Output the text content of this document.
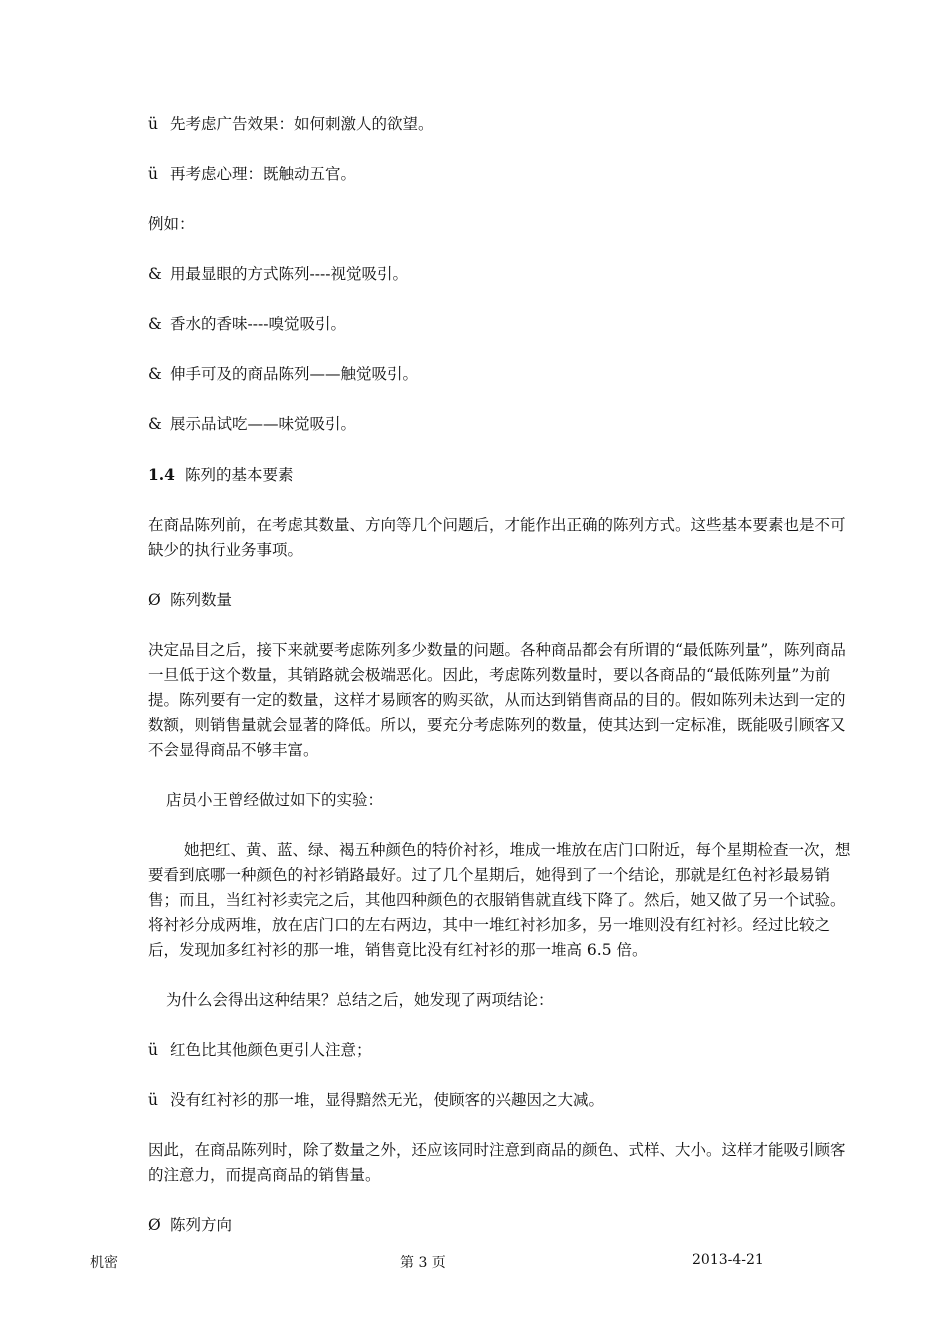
ü 先考虑广告效果：如何刺激人的欲望。

ü 再考虑心理：既触动五官。

例如：

& 用最显眼的方式陈列----视觉吸引。

& 香水的香味----嗅觉吸引。

& 伸手可及的商品陈列——触觉吸引。

& 展示品试吃——味觉吸引。

1.4 陈列的基本要素

在商品陈列前，在考虑其数量、方向等几个问题后，才能作出正确的陈列方式。这些基本要素也是不可缺少的执行业务事项。

Ø 陈列数量

决定品目之后，接下来就要考虑陈列多少数量的问题。各种商品都会有所谓的“最低陈列量”，陈列商品一旦低于这个数量，其销路就会极端恶化。因此，考虑陈列数量时，要以各商品的“最低陈列量”为前提。陈列要有一定的数量，这样才易顾客的购买欲，从而达到销售商品的目的。假如陈列未达到一定的数额，则销售量就会显著的降低。所以，要充分考虑陈列的数量，使其达到一定标准，既能吸引顾客又不会显得商品不够丰富。

店员小王曾经做过如下的实验：

她把红、黄、蓝、绿、褐五种颜色的特价衬衫，堆成一堆放在店门口附近，每个星期检查一次，想要看到底哪一种颜色的衬衫销路最好。过了几个星期后，她得到了一个结论，那就是红色衬衫最易销售；而且，当红衬衫卖完之后，其他四种颜色的衣服销售就直线下降了。然后，她又做了另一个试验。将衬衫分成两堆，放在店门口的左右两边，其中一堆红衬衫加多，另一堆则没有红衬衫。经过比较之后，发现加多红衬衫的那一堆，销售竟比没有红衬衫的那一堆高 6.5 倍。

为什么会得出这种结果？总结之后，她发现了两项结论：

ü 红色比其他颜色更引人注意；

ü 没有红衬衫的那一堆，显得黯然无光，使顾客的兴趣因之大减。

因此，在商品陈列时，除了数量之外，还应该同时注意到商品的颜色、式样、大小。这样才能吸引顾客的注意力，而提高商品的销售量。

Ø 陈列方向

机密	第 3 页	2013-4-21
